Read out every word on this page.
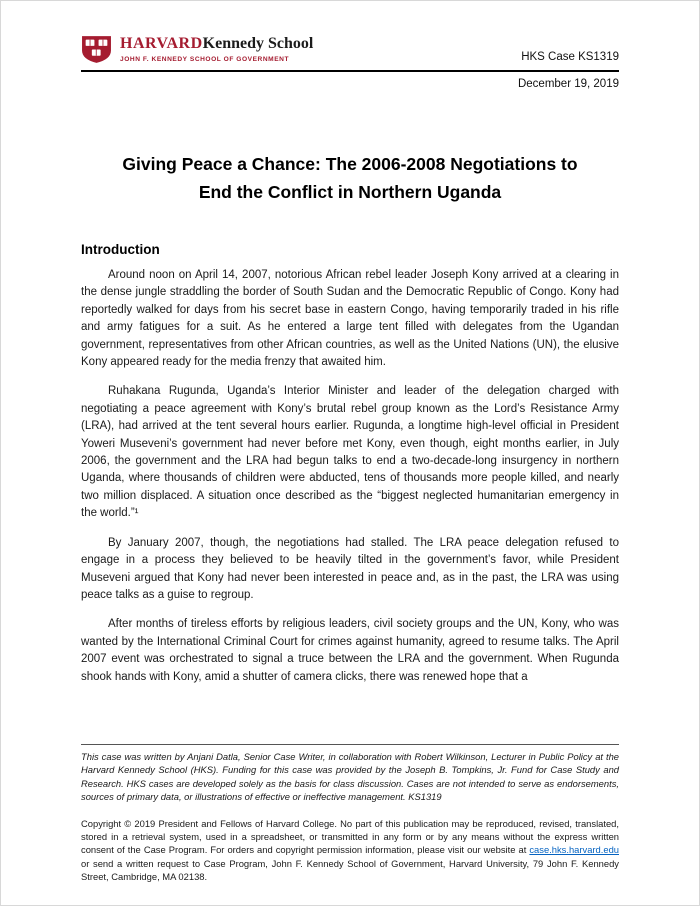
HARVARDKennedy School
JOHN F. KENNEDY SCHOOL OF GOVERNMENT	HKS Case KS1319
December 19, 2019
Giving Peace a Chance: The 2006-2008 Negotiations to
End the Conflict in Northern Uganda
Introduction

Around noon on April 14, 2007, notorious African rebel leader Joseph Kony arrived at a clearing in the dense jungle straddling the border of South Sudan and the Democratic Republic of Congo. Kony had reportedly walked for days from his secret base in eastern Congo, having temporarily traded in his rifle and army fatigues for a suit. As he entered a large tent filled with delegates from the Ugandan government, representatives from other African countries, as well as the United Nations (UN), the elusive Kony appeared ready for the media frenzy that awaited him.

Ruhakana Rugunda, Uganda’s Interior Minister and leader of the delegation charged with negotiating a peace agreement with Kony’s brutal rebel group known as the Lord’s Resistance Army (LRA), had arrived at the tent several hours earlier. Rugunda, a longtime high-level official in President Yoweri Museveni’s government had never before met Kony, even though, eight months earlier, in July 2006, the government and the LRA had begun talks to end a two-decade-long insurgency in northern Uganda, where thousands of children were abducted, tens of thousands more people killed, and nearly two million displaced. A situation once described as the “biggest neglected humanitarian emergency in the world.”¹

By January 2007, though, the negotiations had stalled. The LRA peace delegation refused to engage in a process they believed to be heavily tilted in the government’s favor, while President Museveni argued that Kony had never been interested in peace and, as in the past, the LRA was using peace talks as a guise to regroup.

After months of tireless efforts by religious leaders, civil society groups and the UN, Kony, who was wanted by the International Criminal Court for crimes against humanity, agreed to resume talks. The April 2007 event was orchestrated to signal a truce between the LRA and the government. When Rugunda shook hands with Kony, amid a shutter of camera clicks, there was renewed hope that a

This case was written by Anjani Datla, Senior Case Writer, in collaboration with Robert Wilkinson, Lecturer in Public Policy at the Harvard Kennedy School (HKS). Funding for this case was provided by the Joseph B. Tompkins, Jr. Fund for Case Study and Research. HKS cases are developed solely as the basis for class discussion. Cases are not intended to serve as endorsements, sources of primary data, or illustrations of effective or ineffective management. KS1319

Copyright © 2019 President and Fellows of Harvard College. No part of this publication may be reproduced, revised, translated, stored in a retrieval system, used in a spreadsheet, or transmitted in any form or by any means without the express written consent of the Case Program. For orders and copyright permission information, please visit our website at case.hks.harvard.edu or send a written request to Case Program, John F. Kennedy School of Government, Harvard University, 79 John F. Kennedy Street, Cambridge, MA 02138.
